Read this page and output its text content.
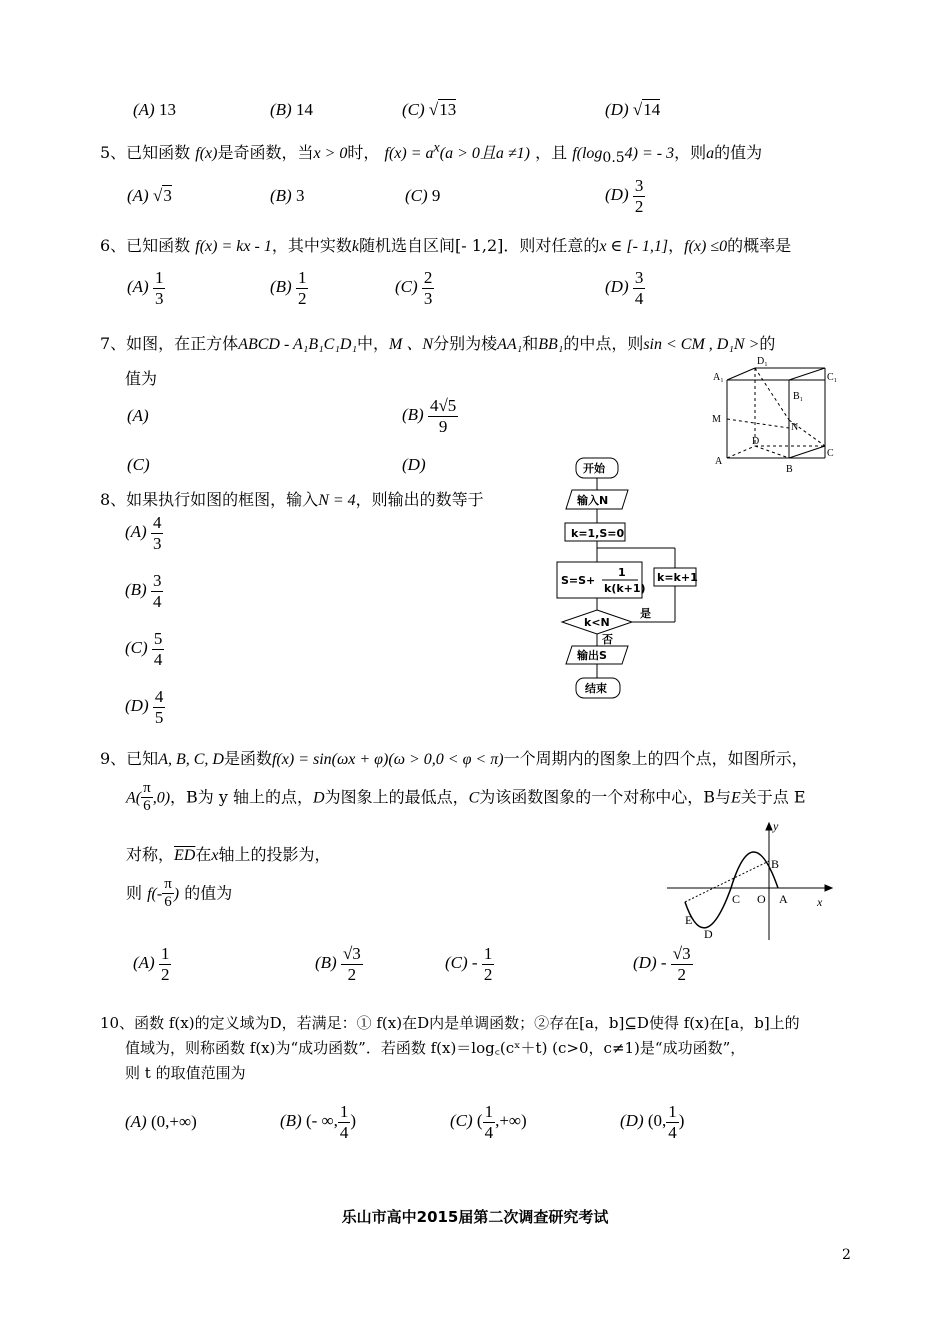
(A) 13	(B) 14	(C) √13	(D) √14
5、已知函数 f(x)是奇函数，当x > 0时， $f(x) = a^x(a > 0$且a ≠1) ，且 $f(\log_{0.5}4)$ = - 3，则a的值为
(A) √3	(B) 3	(C) 9	$(D) \frac{3}{2}$
6、已知函数 f(x) = kx - 1，其中实数k随机选自区间[- 1,2]．则对任意的x ∈ [- 1,1]，f(x) ≤0的概率是
$(A) \frac{1}{3}$	$(B) \frac{1}{2}$	$(C) \frac{2}{3}$	$(D) \frac{3}{4}$
7、如图，在正方体ABCD - A₁B₁C₁D₁中，M 、N分别为棱AA₁和BB₁的中点，则sin < CM , D₁N >的
值为
(A)	$(B) \frac{4√5}{9}$
(C)	(D)
D₁
A₁	C₁
B₁
M
N
D
A
C
B
8、如果执行如图的框图，输入N = 4，则输出的数等于
$(A) \frac{4}{3}$
$(B) \frac{3}{4}$
$(C) \frac{5}{4}$
$(D) \frac{4}{5}$
开始
输入N
k=1,S=0
S=S+
1
k(k+1)
k=k+1
k<N
是
否
输出S
结束
9、已知A, B, C, D是函数f(x) = sin(ωx + φ)(ω > 0,0 < φ < π)一个周期内的图象上的四个点，如图所示，
$A( \frac{\pi}{6} ,0)$，B为 y 轴上的点，D为图象上的最低点，C为该函数图象的一个对称中心，B与E关于点 E
对称，$\overline{ED}$在x轴上的投影为，
则 $f(- \frac{\pi}{6}$ ) 的值为
$(A) \frac{1}{2}$	$(B) \frac{√3}{2}$	$(C) - \frac{1}{2}$	$(D) - \frac{√3}{2}$
y
x
B
C O A
E
D
10、函数 f(x)的定义域为D，若满足：① f(x)在D内是单调函数；②存在[a，b]⊆D使得 f(x)在[a，b]上的
值域为，则称函数 f(x)为“成功函数”．若函数 f(x)＝log꜀(cˣ＋t) (c>0，c≠1)是“成功函数”，
则 t 的取值范围为
(A) (0,+∞)	(B) (- ∞, $\frac{1}{4}$ )	(C) ( $\frac{1}{4}$ ,+∞)	(D) (0, $\frac{1}{4}$ )
乐山市高中2015届第二次调查研究考试
2
